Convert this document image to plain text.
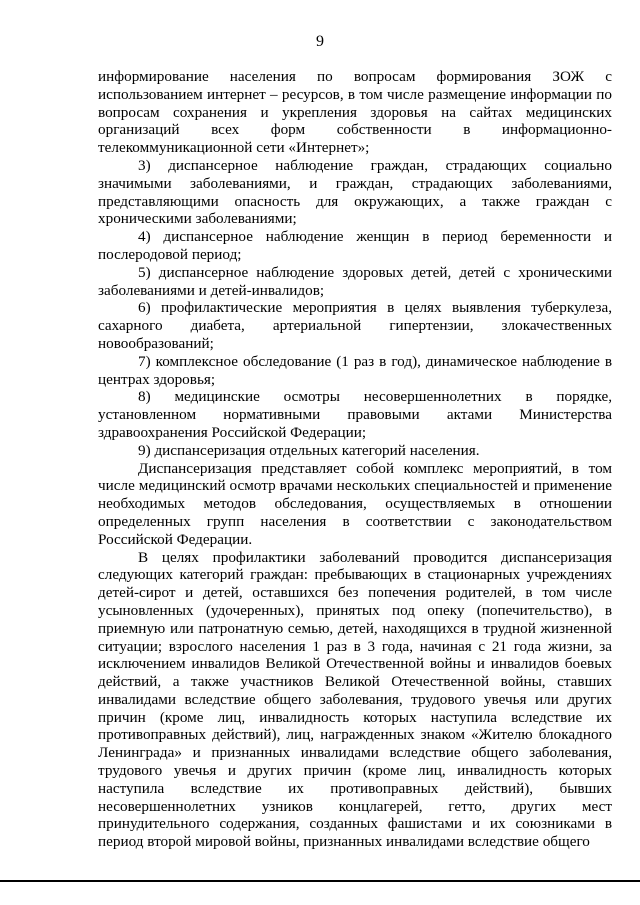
9

информирование населения по вопросам формирования ЗОЖ с использованием интернет – ресурсов, в том числе размещение информации по вопросам сохранения и укрепления здоровья на сайтах медицинских организаций всех форм собственности в информационно-телекоммуникационной сети «Интернет»;

3) диспансерное наблюдение граждан, страдающих социально значимыми заболеваниями, и граждан, страдающих заболеваниями, представляющими опасность для окружающих, а также граждан с хроническими заболеваниями;

4) диспансерное наблюдение женщин в период беременности и послеродовой период;

5) диспансерное наблюдение здоровых детей, детей с хроническими заболеваниями и детей-инвалидов;

6) профилактические мероприятия в целях выявления туберкулеза, сахарного диабета, артериальной гипертензии, злокачественных новообразований;

7) комплексное обследование (1 раз в год), динамическое наблюдение в центрах здоровья;

8) медицинские осмотры несовершеннолетних в порядке, установленном нормативными правовыми актами Министерства здравоохранения Российской Федерации;

9) диспансеризация отдельных категорий населения.

Диспансеризация представляет собой комплекс мероприятий, в том числе медицинский осмотр врачами нескольких специальностей и применение необходимых методов обследования, осуществляемых в отношении определенных групп населения в соответствии с законодательством Российской Федерации.

В целях профилактики заболеваний проводится диспансеризация следующих категорий граждан: пребывающих в стационарных учреждениях детей-сирот и детей, оставшихся без попечения родителей, в том числе усыновленных (удочеренных), принятых под опеку (попечительство), в приемную или патронатную семью, детей, находящихся в трудной жизненной ситуации; взрослого населения 1 раз в 3 года, начиная с 21 года жизни, за исключением инвалидов Великой Отечественной войны и инвалидов боевых действий, а также участников Великой Отечественной войны, ставших инвалидами вследствие общего заболевания, трудового увечья или других причин (кроме лиц, инвалидность которых наступила вследствие их противоправных действий), лиц, награжденных знаком «Жителю блокадного Ленинграда» и признанных инвалидами вследствие общего заболевания, трудового увечья и других причин (кроме лиц, инвалидность которых наступила вследствие их противоправных действий), бывших несовершеннолетних узников концлагерей, гетто, других мест принудительного содержания, созданных фашистами и их союзниками в период второй мировой войны, признанных инвалидами вследствие общего
